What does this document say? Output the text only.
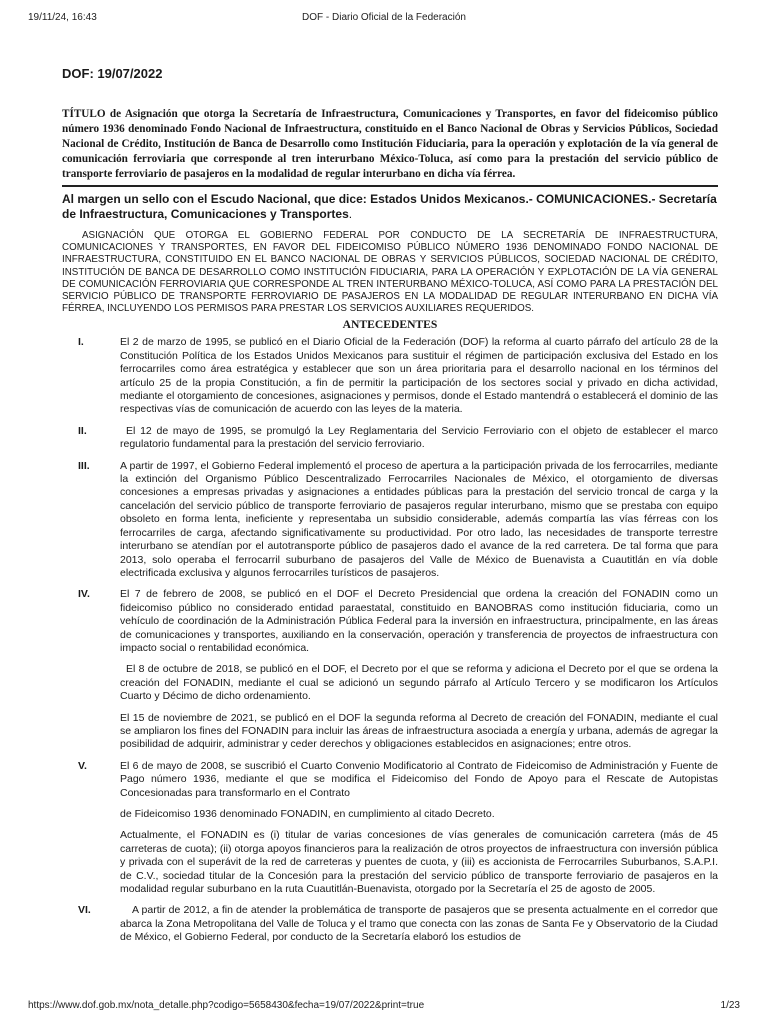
19/11/24, 16:43	DOF - Diario Oficial de la Federación
DOF: 19/07/2022
TÍTULO de Asignación que otorga la Secretaría de Infraestructura, Comunicaciones y Transportes, en favor del fideicomiso público número 1936 denominado Fondo Nacional de Infraestructura, constituido en el Banco Nacional de Obras y Servicios Públicos, Sociedad Nacional de Crédito, Institución de Banca de Desarrollo como Institución Fiduciaria, para la operación y explotación de la vía general de comunicación ferroviaria que corresponde al tren interurbano México-Toluca, así como para la prestación del servicio público de transporte ferroviario de pasajeros en la modalidad de regular interurbano en dicha vía férrea.
Al margen un sello con el Escudo Nacional, que dice: Estados Unidos Mexicanos.- COMUNICACIONES.- Secretaría de Infraestructura, Comunicaciones y Transportes.
ASIGNACIÓN QUE OTORGA EL GOBIERNO FEDERAL POR CONDUCTO DE LA SECRETARÍA DE INFRAESTRUCTURA, COMUNICACIONES Y TRANSPORTES, EN FAVOR DEL FIDEICOMISO PÚBLICO NÚMERO 1936 DENOMINADO FONDO NACIONAL DE INFRAESTRUCTURA, CONSTITUIDO EN EL BANCO NACIONAL DE OBRAS Y SERVICIOS PÚBLICOS, SOCIEDAD NACIONAL DE CRÉDITO, INSTITUCIÓN DE BANCA DE DESARROLLO COMO INSTITUCIÓN FIDUCIARIA, PARA LA OPERACIÓN Y EXPLOTACIÓN DE LA VÍA GENERAL DE COMUNICACIÓN FERROVIARIA QUE CORRESPONDE AL TREN INTERURBANO MÉXICO-TOLUCA, ASÍ COMO PARA LA PRESTACIÓN DEL SERVICIO PÚBLICO DE TRANSPORTE FERROVIARIO DE PASAJEROS EN LA MODALIDAD DE REGULAR INTERURBANO EN DICHA VÍA FÉRREA, INCLUYENDO LOS PERMISOS PARA PRESTAR LOS SERVICIOS AUXILIARES REQUERIDOS.
ANTECEDENTES
I.	El 2 de marzo de 1995, se publicó en el Diario Oficial de la Federación (DOF) la reforma al cuarto párrafo del artículo 28 de la Constitución Política de los Estados Unidos Mexicanos para sustituir el régimen de participación exclusiva del Estado en los ferrocarriles como área estratégica y establecer que son un área prioritaria para el desarrollo nacional en los términos del artículo 25 de la propia Constitución, a fin de permitir la participación de los sectores social y privado en dicha actividad, mediante el otorgamiento de concesiones, asignaciones y permisos, donde el Estado mantendrá o establecerá el dominio de las respectivas vías de comunicación de acuerdo con las leyes de la materia.
II.	El 12 de mayo de 1995, se promulgó la Ley Reglamentaria del Servicio Ferroviario con el objeto de establecer el marco regulatorio fundamental para la prestación del servicio ferroviario.
III.	A partir de 1997, el Gobierno Federal implementó el proceso de apertura a la participación privada de los ferrocarriles, mediante la extinción del Organismo Público Descentralizado Ferrocarriles Nacionales de México, el otorgamiento de diversas concesiones a empresas privadas y asignaciones a entidades públicas para la prestación del servicio troncal de carga y la cancelación del servicio público de transporte ferroviario de pasajeros regular interurbano, mismo que se prestaba con equipo obsoleto en forma lenta, ineficiente y representaba un subsidio considerable, además compartía las vías férreas con los ferrocarriles de carga, afectando significativamente su productividad. Por otro lado, las necesidades de transporte terrestre interurbano se atendían por el autotransporte público de pasajeros dado el avance de la red carretera. De tal forma que para 2013, solo operaba el ferrocarril suburbano de pasajeros del Valle de México de Buenavista a Cuautitlán en vía doble electrificada exclusiva y algunos ferrocarriles turísticos de pasajeros.
IV.	El 7 de febrero de 2008, se publicó en el DOF el Decreto Presidencial que ordena la creación del FONADIN como un fideicomiso público no considerado entidad paraestatal, constituido en BANOBRAS como institución fiduciaria, como un vehículo de coordinación de la Administración Pública Federal para la inversión en infraestructura, principalmente, en las áreas de comunicaciones y transportes, auxiliando en la conservación, operación y transferencia de proyectos de infraestructura con impacto social o rentabilidad económica.
El 8 de octubre de 2018, se publicó en el DOF, el Decreto por el que se reforma y adiciona el Decreto por el que se ordena la creación del FONADIN, mediante el cual se adicionó un segundo párrafo al Artículo Tercero y se modificaron los Artículos Cuarto y Décimo de dicho ordenamiento.
El 15 de noviembre de 2021, se publicó en el DOF la segunda reforma al Decreto de creación del FONADIN, mediante el cual se ampliaron los fines del FONADIN para incluir las áreas de infraestructura asociada a energía y urbana, además de agregar la posibilidad de adquirir, administrar y ceder derechos y obligaciones establecidos en asignaciones; entre otros.
V.	El 6 de mayo de 2008, se suscribió el Cuarto Convenio Modificatorio al Contrato de Fideicomiso de Administración y Fuente de Pago número 1936, mediante el que se modifica el Fideicomiso del Fondo de Apoyo para el Rescate de Autopistas Concesionadas para transformarlo en el Contrato
de Fideicomiso 1936 denominado FONADIN, en cumplimiento al citado Decreto.
Actualmente, el FONADIN es (i) titular de varias concesiones de vías generales de comunicación carretera (más de 45 carreteras de cuota); (ii) otorga apoyos financieros para la realización de otros proyectos de infraestructura con inversión pública y privada con el superávit de la red de carreteras y puentes de cuota, y (iii) es accionista de Ferrocarriles Suburbanos, S.A.P.I. de C.V., sociedad titular de la Concesión para la prestación del servicio público de transporte ferroviario de pasajeros en la modalidad regular suburbano en la ruta Cuautitlán-Buenavista, otorgado por la Secretaría el 25 de agosto de 2005.
VI.	A partir de 2012, a fin de atender la problemática de transporte de pasajeros que se presenta actualmente en el corredor que abarca la Zona Metropolitana del Valle de Toluca y el tramo que conecta con las zonas de Santa Fe y Observatorio de la Ciudad de México, el Gobierno Federal, por conducto de la Secretaría elaboró los estudios de
https://www.dof.gob.mx/nota_detalle.php?codigo=5658430&fecha=19/07/2022&print=true	1/23
